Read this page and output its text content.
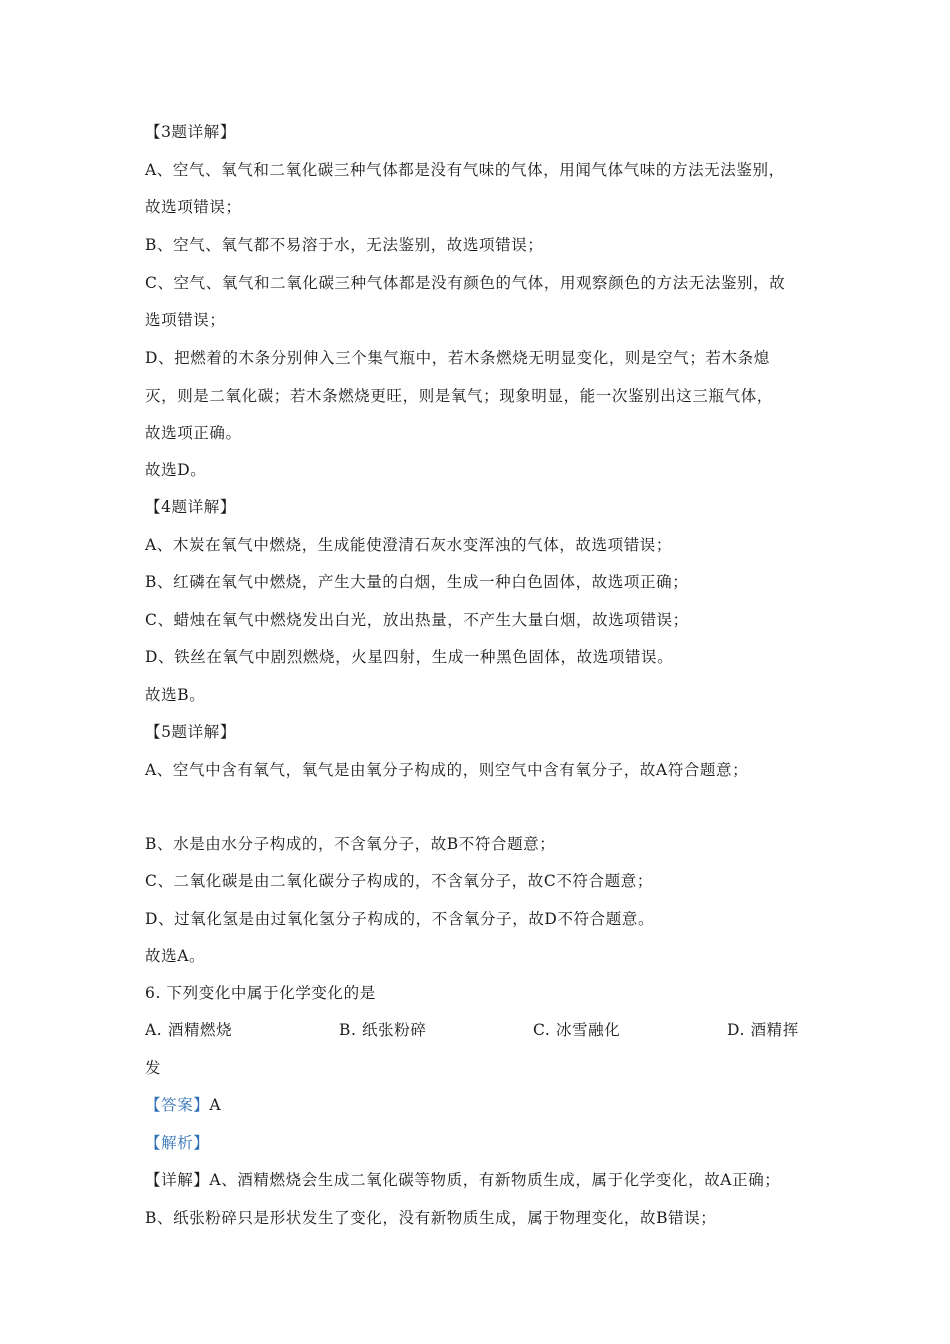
【3题详解】
A、空气、氧气和二氧化碳三种气体都是没有气味的气体，用闻气体气味的方法无法鉴别，
故选项错误；
B、空气、氧气都不易溶于水，无法鉴别，故选项错误；
C、空气、氧气和二氧化碳三种气体都是没有颜色的气体，用观察颜色的方法无法鉴别，故
选项错误；
D、把燃着的木条分别伸入三个集气瓶中，若木条燃烧无明显变化，则是空气；若木条熄
灭，则是二氧化碳；若木条燃烧更旺，则是氧气；现象明显，能一次鉴别出这三瓶气体，
故选项正确。
故选D。
【4题详解】
A、木炭在氧气中燃烧，生成能使澄清石灰水变浑浊的气体，故选项错误；
B、红磷在氧气中燃烧，产生大量的白烟，生成一种白色固体，故选项正确；
C、蜡烛在氧气中燃烧发出白光，放出热量，不产生大量白烟，故选项错误；
D、铁丝在氧气中剧烈燃烧，火星四射，生成一种黑色固体，故选项错误。
故选B。
【5题详解】
A、空气中含有氧气，氧气是由氧分子构成的，则空气中含有氧分子，故A符合题意；
B、水是由水分子构成的，不含氧分子，故B不符合题意；
C、二氧化碳是由二氧化碳分子构成的，不含氧分子，故C不符合题意；
D、过氧化氢是由过氧化氢分子构成的，不含氧分子，故D不符合题意。
故选A。
6. 下列变化中属于化学变化的是
A. 酒精燃烧	B. 纸张粉碎	C. 冰雪融化	D. 酒精挥
发
【答案】A
【解析】
【详解】A、酒精燃烧会生成二氧化碳等物质，有新物质生成，属于化学变化，故A正确；
B、纸张粉碎只是形状发生了变化，没有新物质生成，属于物理变化，故B错误；
